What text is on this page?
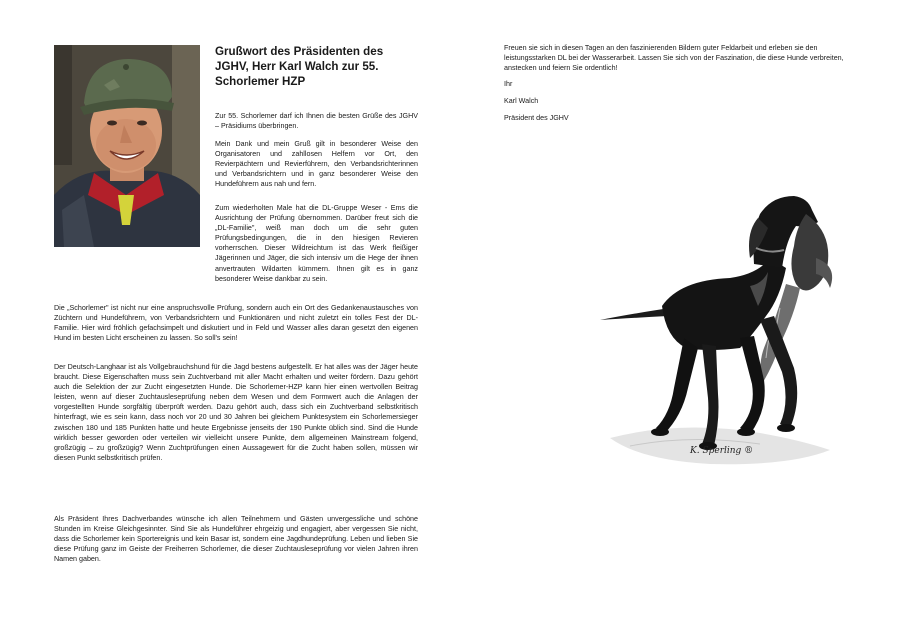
Grußwort des Präsidenten des JGHV, Herr Karl Walch zur 55. Schorlemer HZP

Zur 55. Schorlemer darf ich Ihnen die besten Grüße des JGHV – Präsidiums überbringen.

Mein Dank und mein Gruß gilt in besonderer Weise den Organisatoren und zahllosen Helfern vor Ort, den Revierpächtern und Revierführern, den Verbandsrichterinnen und Verbandsrichtern und in ganz besonderer Weise den Hundeführern aus nah und fern.

Zum wiederholten Male hat die DL-Gruppe Weser - Ems die Ausrichtung der Prüfung übernommen. Darüber freut sich die „DL-Familie", weiß man doch um die sehr guten Prüfungsbedingungen, die in den hiesigen Revieren vorherrschen. Dieser Wildreichtum ist das Werk fleißiger Jägerinnen und Jäger, die sich intensiv um die Hege der ihnen anvertrauten Wildarten kümmern. Ihnen gilt es in ganz besonderer Weise dankbar zu sein.

Die „Schorlemer" ist nicht nur eine anspruchsvolle Prüfung, sondern auch ein Ort des Gedankenaustausches von Züchtern und Hundeführern, von Verbandsrichtern und Funktionären und nicht zuletzt ein tolles Fest der DL-Familie. Hier wird fröhlich gefachsimpelt und diskutiert und in Feld und Wasser alles daran gesetzt den eigenen Hund im besten Licht erscheinen zu lassen. So soll's sein!

Der Deutsch-Langhaar ist als Vollgebrauchshund für die Jagd bestens aufgestellt. Er hat alles was der Jäger heute braucht. Diese Eigenschaften muss sein Zuchtverband mit aller Macht erhalten und weiter fördern. Dazu gehört auch die Selektion der zur Zucht eingesetzten Hunde. Die Schorlemer-HZP kann hier einen wertvollen Beitrag leisten, wenn auf dieser Zuchtausleseprüfung neben dem Wesen und dem Formwert auch die Anlagen der vorgestellten Hunde sorgfältig überprüft werden. Dazu gehört auch, dass sich ein Zuchtverband selbstkritisch hinterfragt, wie es sein kann, dass noch vor 20 und 30 Jahren bei gleichem Punktesystem ein Schorlemersieger zwischen 180 und 185 Punkten hatte und heute Ergebnisse jenseits der 190 Punkte üblich sind. Sind die Hunde wirklich besser geworden oder verteilen wir vielleicht unsere Punkte, dem allgemeinen Mainstream folgend, großzügig – zu großzügig? Wenn Zuchtprüfungen einen Aussagewert für die Zucht haben sollen, müssen wir diesen Punkt selbstkritisch prüfen.

Als Präsident Ihres Dachverbandes wünsche ich allen Teilnehmern und Gästen unvergessliche und schöne Stunden im Kreise Gleichgesinnter. Sind Sie als Hundeführer ehrgeizig und engagiert, aber vergessen Sie nicht, dass die Schorlemer kein Sportereignis und kein Basar ist, sondern eine Jagdhundeprüfung. Leben und lieben Sie diese Prüfung ganz im Geiste der Freiherren Schorlemer, die dieser Zuchtausleseprüfung vor vielen Jahren ihren Namen gaben.

Freuen sie sich in diesen Tagen an den faszinierenden Bildern guter Feldarbeit und erleben sie den leistungsstarken DL bei der Wasserarbeit. Lassen Sie sich von der Faszination, die diese Hunde verbreiten, anstecken und feiern Sie ordentlich!

Ihr

Karl Walch

Präsident des JGHV

K. Sperling ®
